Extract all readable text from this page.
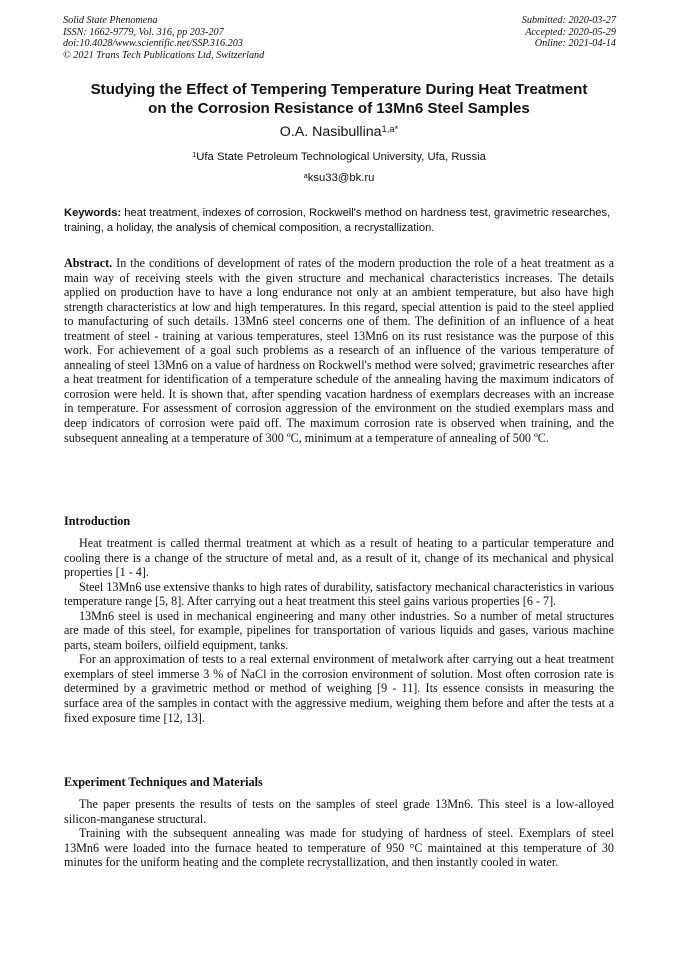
Solid State Phenomena
ISSN: 1662-9779, Vol. 316, pp 203-207
doi:10.4028/www.scientific.net/SSP.316.203
© 2021 Trans Tech Publications Ltd, Switzerland
Submitted: 2020-03-27
Accepted: 2020-05-29
Online: 2021-04-14
Studying the Effect of Tempering Temperature During Heat Treatment
on the Corrosion Resistance of 13Mn6 Steel Samples
O.A. Nasibullina$^{1,a*}$
$^1$Ufa State Petroleum Technological University, Ufa, Russia
$^a$ksu33@bk.ru
Keywords: heat treatment, indexes of corrosion, Rockwell's method on hardness test, gravimetric researches, training, a holiday, the analysis of chemical composition, a recrystallization.

Abstract. In the conditions of development of rates of the modern production the role of a heat treatment as a main way of receiving steels with the given structure and mechanical characteristics increases. The details applied on production have to have a long endurance not only at an ambient temperature, but also have high strength characteristics at low and high temperatures. In this regard, special attention is paid to the steel applied to manufacturing of such details. 13Mn6 steel concerns one of them. The definition of an influence of a heat treatment of steel - training at various temperatures, steel 13Mn6 on its rust resistance was the purpose of this work. For achievement of a goal such problems as a research of an influence of the various temperature of annealing of steel 13Mn6 on a value of hardness on Rockwell's method were solved; gravimetric researches after a heat treatment for identification of a temperature schedule of the annealing having the maximum indicators of corrosion were held. It is shown that, after spending vacation hardness of exemplars decreases with an increase in temperature. For assessment of corrosion aggression of the environment on the studied exemplars mass and deep indicators of corrosion were paid off. The maximum corrosion rate is observed when training, and the subsequent annealing at a temperature of 300 ºC, minimum at a temperature of annealing of 500 ºC.

Introduction

Heat treatment is called thermal treatment at which as a result of heating to a particular temperature and cooling there is a change of the structure of metal and, as a result of it, change of its mechanical and physical properties [1 - 4].

Steel 13Mn6 use extensive thanks to high rates of durability, satisfactory mechanical characteristics in various temperature range [5, 8]. After carrying out a heat treatment this steel gains various properties [6 - 7].

13Mn6 steel is used in mechanical engineering and many other industries. So a number of metal structures are made of this steel, for example, pipelines for transportation of various liquids and gases, various machine parts, steam boilers, oilfield equipment, tanks.

For an approximation of tests to a real external environment of metalwork after carrying out a heat treatment exemplars of steel immerse 3 % of NaCl in the corrosion environment of solution. Most often corrosion rate is determined by a gravimetric method or method of weighing [9 - 11]. Its essence consists in measuring the surface area of the samples in contact with the aggressive medium, weighing them before and after the tests at a fixed exposure time [12, 13].

Experiment Techniques and Materials

The paper presents the results of tests on the samples of steel grade 13Mn6. This steel is a low-alloyed silicon-manganese structural.

Training with the subsequent annealing was made for studying of hardness of steel. Exemplars of steel 13Mn6 were loaded into the furnace heated to temperature of 950 °C maintained at this temperature of 30 minutes for the uniform heating and the complete recrystallization, and then instantly cooled in water.
